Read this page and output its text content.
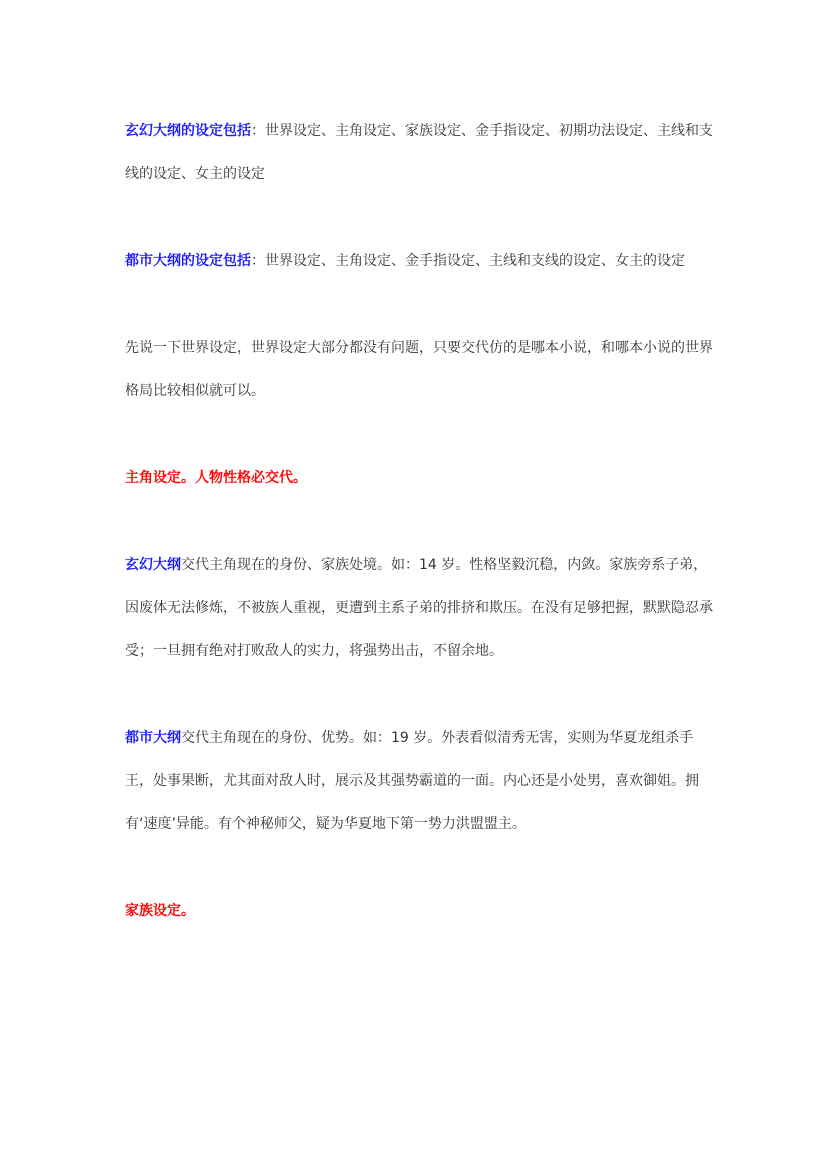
玄幻大纲的设定包括：世界设定、主角设定、家族设定、金手指设定、初期功法设定、主线和支线的设定、女主的设定

都市大纲的设定包括：世界设定、主角设定、金手指设定、主线和支线的设定、女主的设定

先说一下世界设定，世界设定大部分都没有问题，只要交代仿的是哪本小说，和哪本小说的世界格局比较相似就可以。

主角设定。人物性格必交代。

玄幻大纲交代主角现在的身份、家族处境。如：14 岁。性格坚毅沉稳，内敛。家族旁系子弟，因废体无法修炼，不被族人重视，更遭到主系子弟的排挤和欺压。在没有足够把握，默默隐忍承受；一旦拥有绝对打败敌人的实力，将强势出击，不留余地。

都市大纲交代主角现在的身份、优势。如：19 岁。外表看似清秀无害，实则为华夏龙组杀手王，处事果断，尤其面对敌人时，展示及其强势霸道的一面。内心还是小处男，喜欢御姐。拥有‘速度’异能。有个神秘师父，疑为华夏地下第一势力洪盟盟主。

家族设定。
